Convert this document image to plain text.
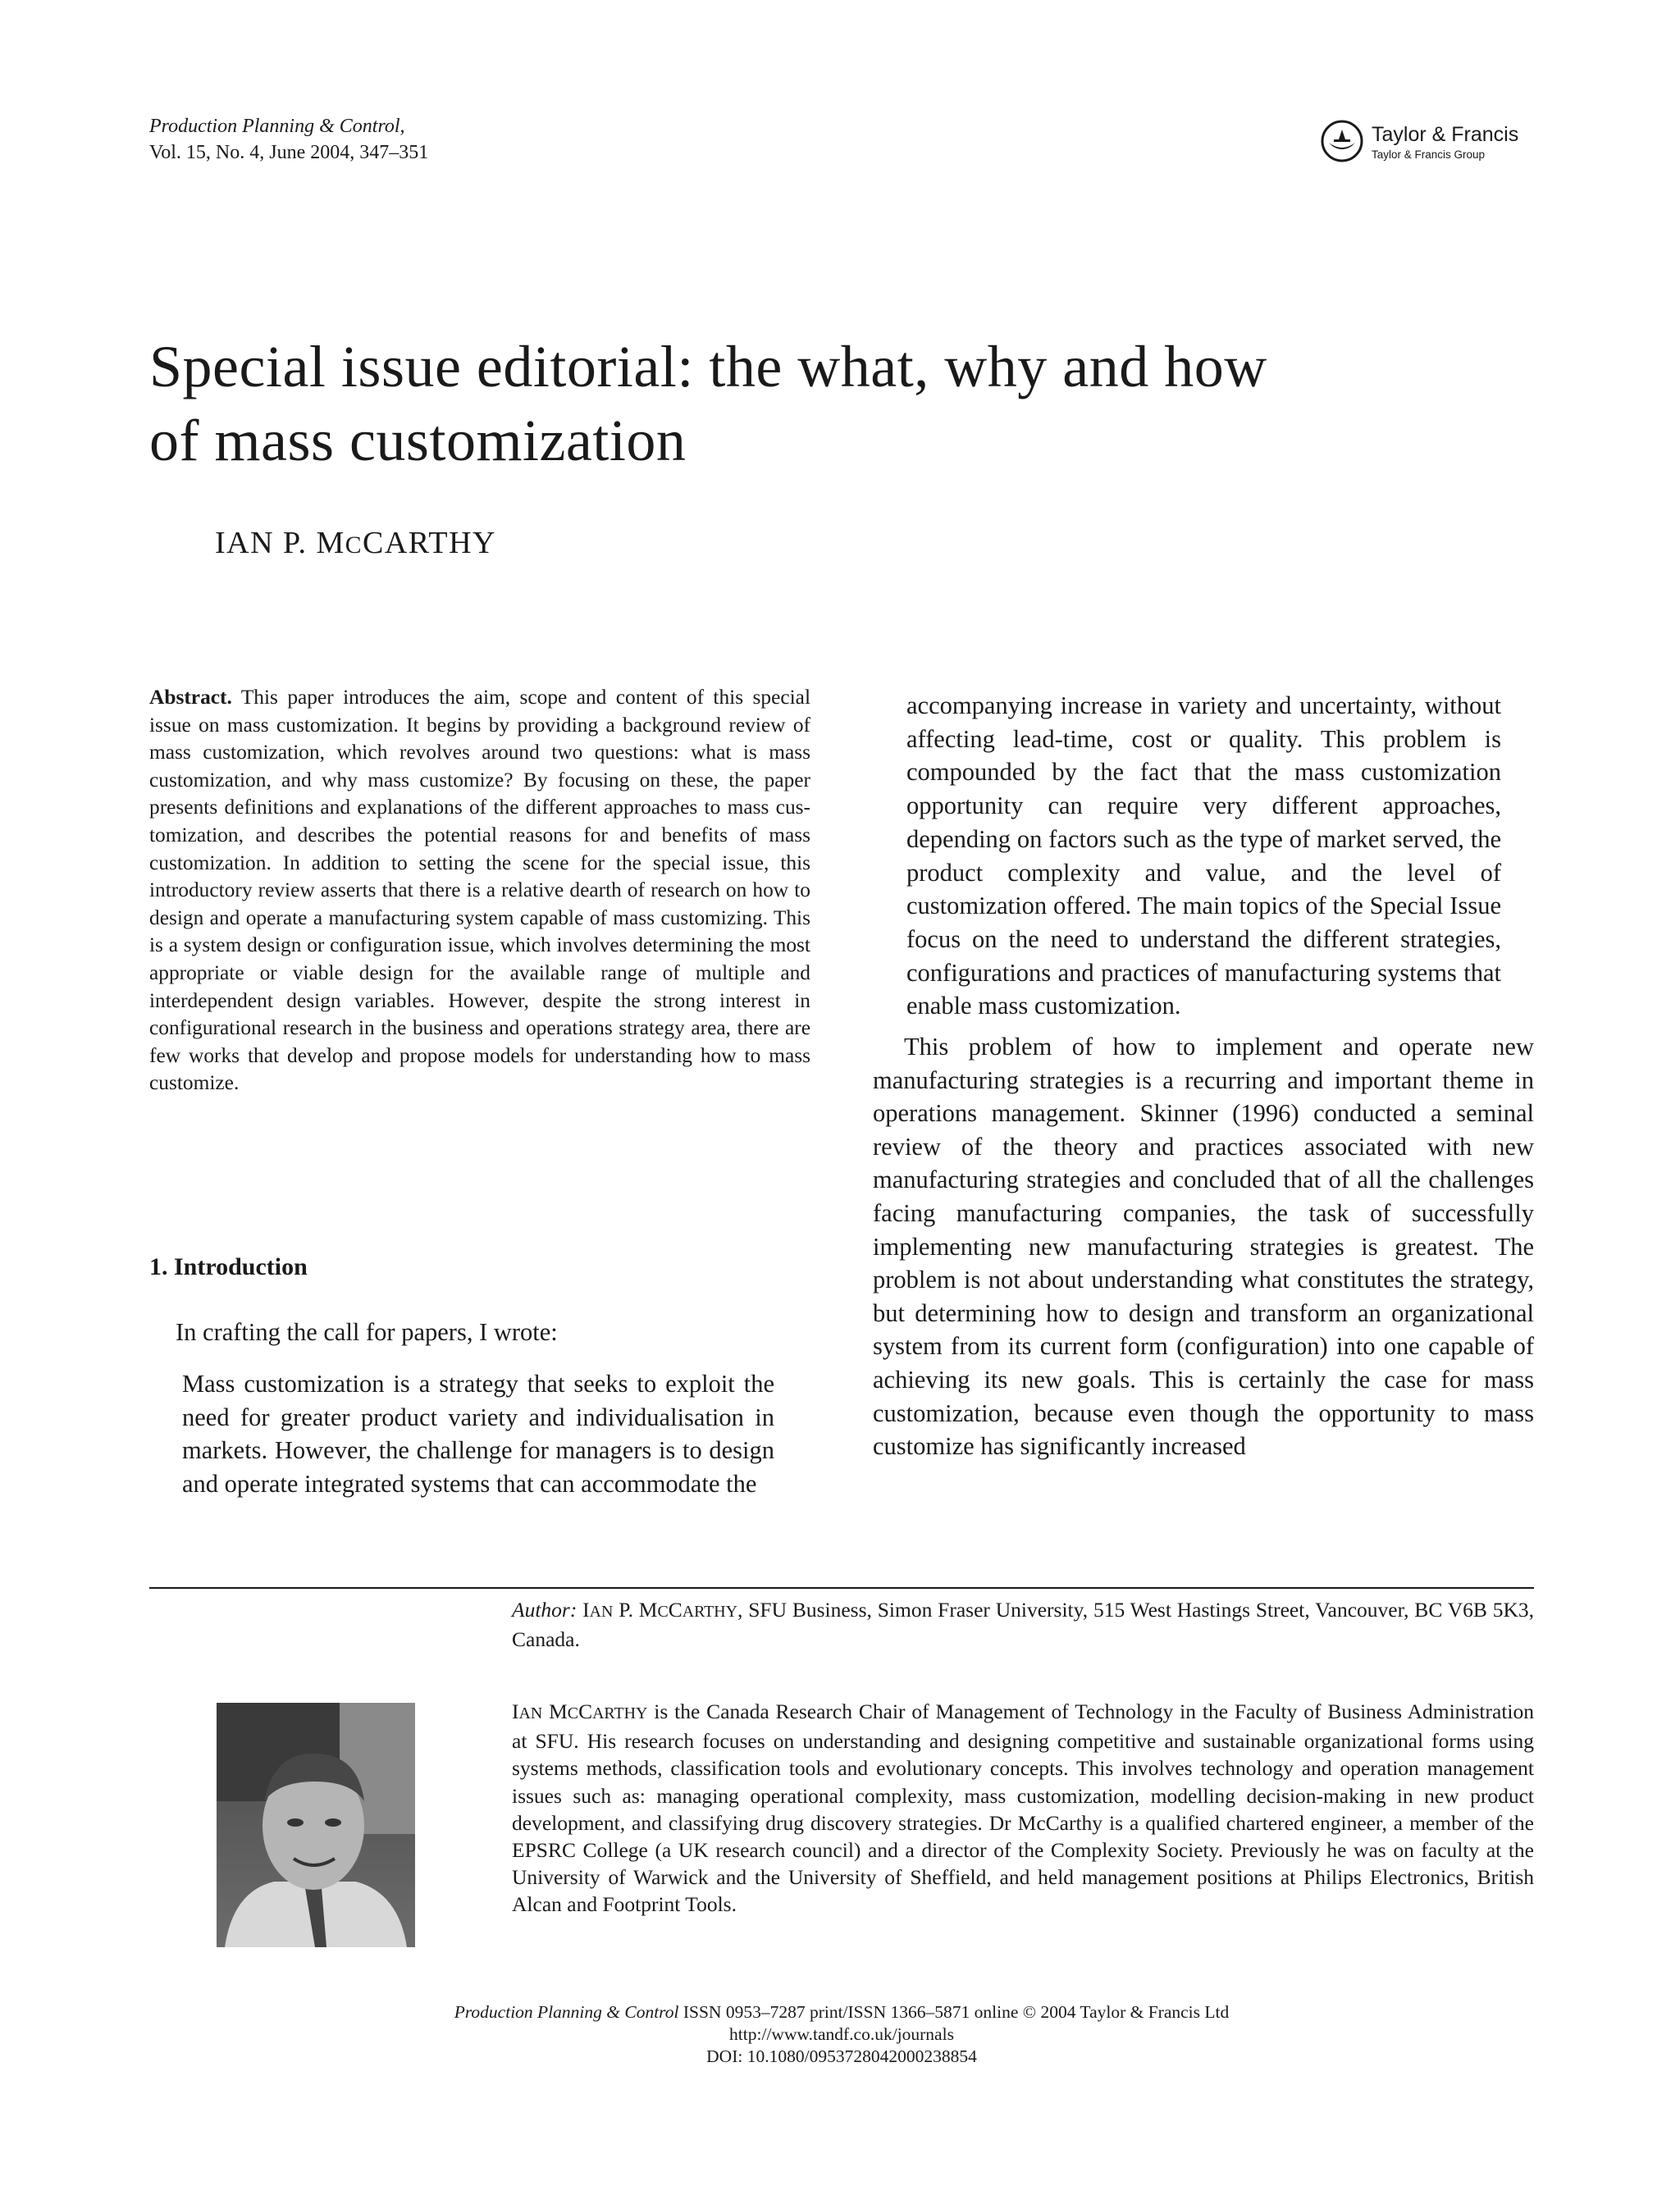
Production Planning & Control,
Vol. 15, No. 4, June 2004, 347–351
Taylor & Francis
Taylor & Francis Group
Special issue editorial: the what, why and how
of mass customization
IAN P. MCCARTHY

Abstract. This paper introduces the aim, scope and content of this special issue on mass customization. It begins by providing a background review of mass customization, which revolves around two questions: what is mass customization, and why mass customize? By focusing on these, the paper presents definitions and explanations of the different approaches to mass customization, and describes the potential reasons for and benefits of mass customization. In addition to setting the scene for the special issue, this introductory review asserts that there is a relative dearth of research on how to design and operate a manufacturing system capable of mass customizing. This is a system design or configuration issue, which involves determining the most appropriate or viable design for the available range of multiple and interdependent design variables. However, despite the strong interest in configurational research in the business and operations strategy area, there are few works that develop and propose models for understanding how to mass customize.

1. Introduction

In crafting the call for papers, I wrote:

Mass customization is a strategy that seeks to exploit the need for greater product variety and individualisation in markets. However, the challenge for managers is to design and operate integrated systems that can accommodate the

accompanying increase in variety and uncertainty, without affecting lead-time, cost or quality. This problem is compounded by the fact that the mass customization opportunity can require very different approaches, depending on factors such as the type of market served, the product complexity and value, and the level of customization offered. The main topics of the Special Issue focus on the need to understand the different strategies, configurations and practices of manufacturing systems that enable mass customization.

This problem of how to implement and operate new manufacturing strategies is a recurring and important theme in operations management. Skinner (1996) conducted a seminal review of the theory and practices associated with new manufacturing strategies and concluded that of all the challenges facing manufacturing companies, the task of successfully implementing new manufacturing strategies is greatest. The problem is not about understanding what constitutes the strategy, but determining how to design and transform an organizational system from its current form (configuration) into one capable of achieving its new goals. This is certainly the case for mass customization, because even though the opportunity to mass customize has significantly increased

Author: IAN P. MCCARTHY, SFU Business, Simon Fraser University, 515 West Hastings Street, Vancouver, BC V6B 5K3, Canada.

IAN MCCARTHY is the Canada Research Chair of Management of Technology in the Faculty of Business Administration at SFU. His research focuses on understanding and designing competitive and sustainable organizational forms using systems methods, classification tools and evolutionary concepts. This involves technology and operation management issues such as: managing operational complexity, mass customization, modelling decision-making in new product development, and classifying drug discovery strategies. Dr McCarthy is a qualified chartered engineer, a member of the EPSRC College (a UK research council) and a director of the Complexity Society. Previously he was on faculty at the University of Warwick and the University of Sheffield, and held management positions at Philips Electronics, British Alcan and Footprint Tools.

Production Planning & Control ISSN 0953–7287 print/ISSN 1366–5871 online © 2004 Taylor & Francis Ltd
http://www.tandf.co.uk/journals
DOI: 10.1080/0953728042000238854
